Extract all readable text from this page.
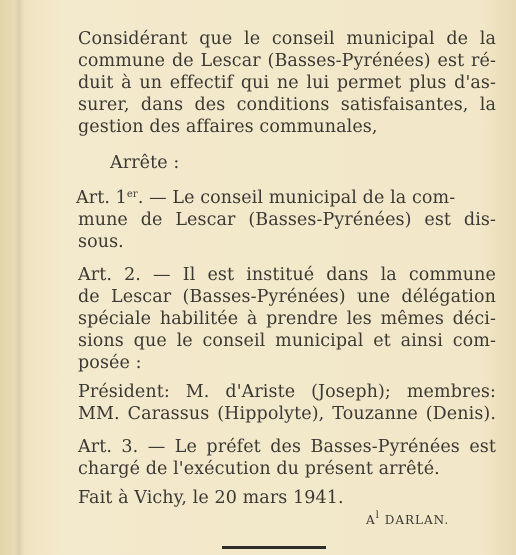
Considérant que le conseil municipal de la
commune de Lescar (Basses-Pyrénées) est ré-
duit à un effectif qui ne lui permet plus d'as-
surer, dans des conditions satisfaisantes, la
gestion des affaires communales,
Arrête :
Art. 1er. — Le conseil municipal de la com-
mune de Lescar (Basses-Pyrénées) est dis-
sous.
Art. 2. — Il est institué dans la commune
de Lescar (Basses-Pyrénées) une délégation
spéciale habilitée à prendre les mêmes déci-
sions que le conseil municipal et ainsi com-
posée :
Président: M. d'Ariste (Joseph); membres:
MM. Carassus (Hippolyte), Touzanne (Denis).
Art. 3. — Le préfet des Basses-Pyrénées est
chargé de l'exécution du présent arrêté.
Fait à Vichy, le 20 mars 1941.
$A^l$ DARLAN.
